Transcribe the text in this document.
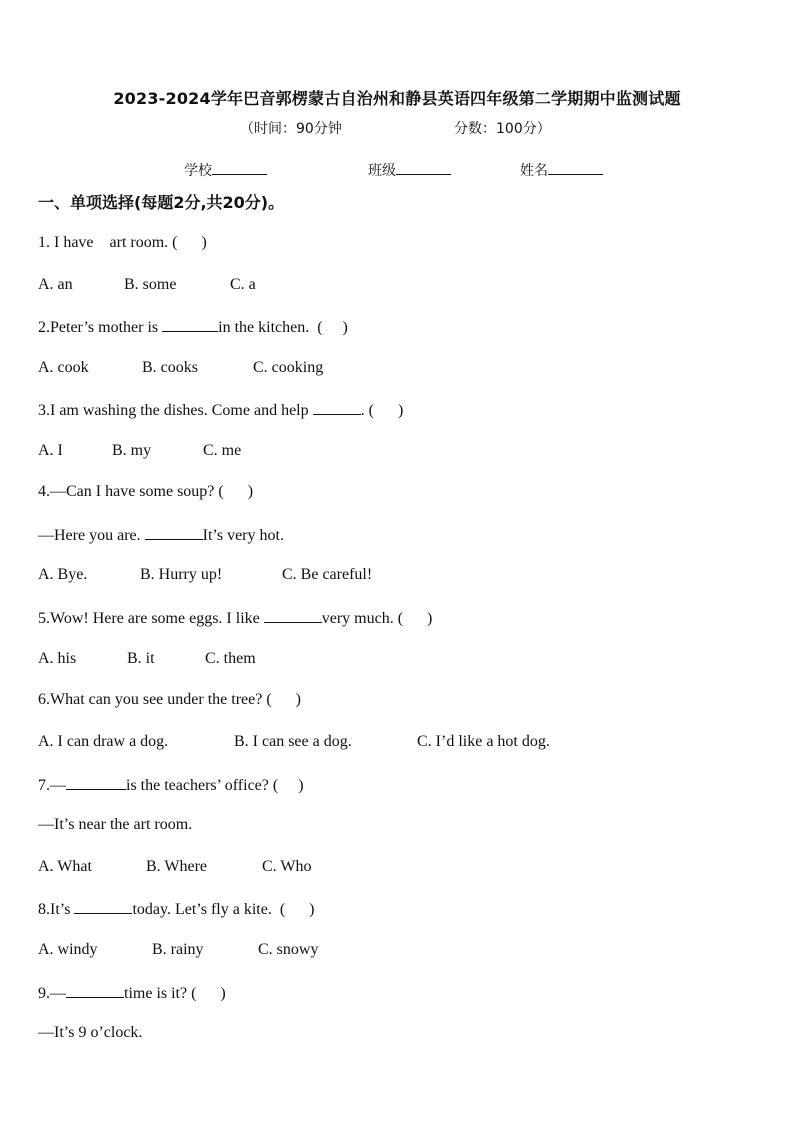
2023-2024学年巴音郭楞蒙古自治州和静县英语四年级第二学期期中监测试题
（时间：90分钟	分数：100分）
学校	班级	姓名
一、单项选择(每题2分,共20分)。
1. I have    art room. (      )
A. an	B. some	C. a
2.Peter’s mother is	in the kitchen.  (     )
A. cook	B. cooks	C. cooking
3.I am washing the dishes. Come and help	. (      )
A. I	B. my	C. me
4.—Can I have some soup? (      )
—Here you are.	It’s very hot.
A. Bye.	B. Hurry up!	C. Be careful!
5.Wow! Here are some eggs. I like	very much. (      )
A. his	B. it	C. them
6.What can you see under the tree? (      )
A. I can draw a dog.	B. I can see a dog.	C. I’d like a hot dog.
7.—	is the teachers’ office? (     )
—It’s near the art room.
A. What	B. Where	C. Who
8.It’s	today. Let’s fly a kite.  (      )
A. windy	B. rainy	C. snowy
9.—	time is it? (      )
—It’s 9 o’clock.
